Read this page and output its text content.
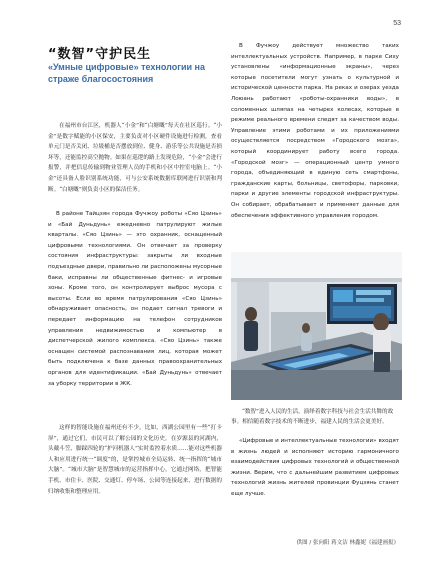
53
“数智”守护民生
«Умные цифровые» технологии на страже благосостояния

在福州市台江区，机器人“小金”和“白塘嘅”每天在社区巡行。“小金”是数字赋能的小区保安，主要负责对小区硬件设施进行检测，查看单元门是否关闭、垃圾桶是否摆放到位、健身、游乐等公共设施是否损坏等，还能监控高空抛物。如果在巡逻的路上发现危险，“小金”会进行报警，并把信息传输到物业管理人员的手机和小区中控室电脑上。“小金”还具备人脸识别系统功能，可与公安系统数据库联网进行识别和判断。“白塘嘅”则负责小区的保洁任务。

В районе Тайцзян города Фучжоу роботы «Сяо Цзинь» и «Бай Дуньдунь» ежедневно патрулируют жилые кварталы. «Сяо Цзинь» — это охранник, оснащенный цифровыми технологиями. Он отвечает за проверку состояния инфраструктуры: закрыты ли входные подъездные двери, правильно ли расположены мусорные баки, исправны ли общественные фитнес- и игровые зоны. Кроме того, он контролирует выброс мусора с высоты. Если во время патрулирования «Сяо Цзинь» обнаруживает опасность, он подает сигнал тревоги и передает информацию на телефон сотрудников управления недвижимостью и компьютер в диспетчерской жилого комплекса. «Сяо Цзинь» также оснащен системой распознавания лиц, которая может быть подключена к базе данных правоохранительных органов для идентификации. «Бай Дуньдунь» отвечает за уборку территории в ЖК.

这样的智能设施在福州还有不少。比如，西湖公园里有一些“打卡屏”，通过它们，市民可以了解公园的文化历史。在岁源县的河湖内，头戴斗笠、脚踩四轮的“护河机器人”实时监控着水质……能对这些机器人和应用进行统一“调度”的，是掌控城市全局运转、统一指挥的“城市大脑”。“城市大脑”是智慧城市的运营指挥中心，它通过网络，把智能手机、市住卡、医院、交通灯、停车场、公园等连接起来，进行数据的归纳收集和整理应用。

В Фучжоу действует множество таких интеллектуальных устройств. Например, в парке Сиху установлены «информационные экраны», через которые посетители могут узнать о культурной и исторической ценности парка. На реках и озерах уезда Лоюань работают «роботы-охранники воды», в соломенных шляпах на четырех колесах, которые в режиме реального времени следят за качеством воды. Управление этими роботами и их приложениями осуществляется посредством «Городского мозга», который координирует работу всего города. «Городской мозг» — операционный центр умного города, объединяющий в единую сеть смартфоны, гражданские карты, больницы, светофоры, парковки, парки и другие элементы городской инфраструктуры. Он собирает, обрабатывает и применяет данные для обеспечения эффективного управления городом.

“数智”进入人民的生活，演绎着数字科技与社会生活共舞的故事。相信随着数字技术的不断进步，福建人民的生活会更美好。

«Цифровые и интеллектуальные технологии» входят в жизнь людей и исполняют историю гармоничного взаимодействия цифровых технологий и общественной жизни. Верим, что с дальнейшим развитием цифровых технологий жизнь жителей провинции Фуцзянь станет еще лучше.

供图 / 张向阳 蒋文洁 林鑫妮《福建画报》
